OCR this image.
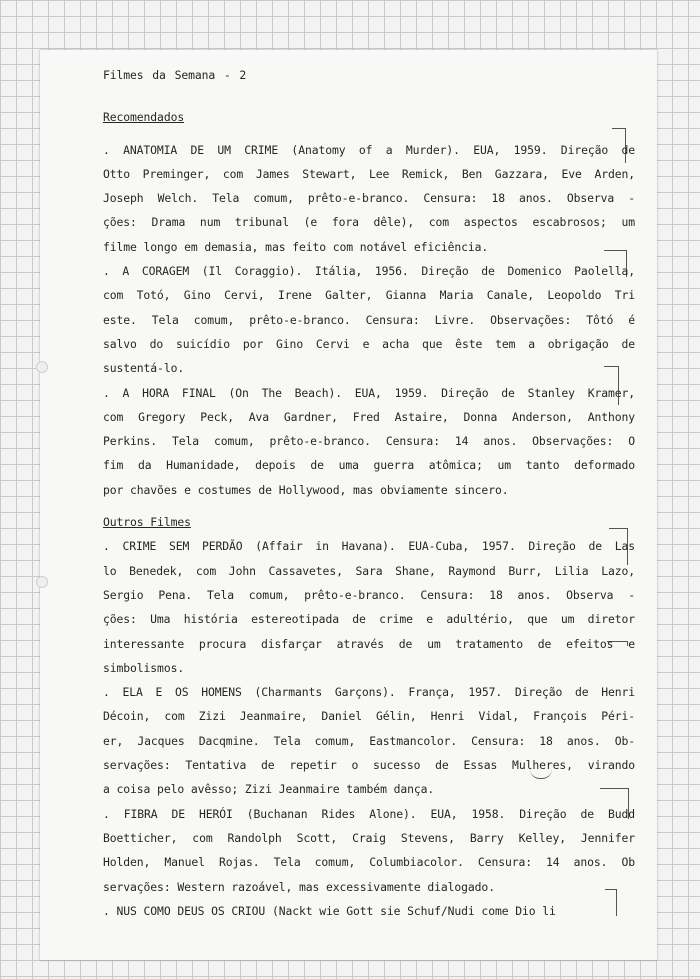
Filmes da Semana - 2
Recomendados
. ANATOMIA DE UM CRIME (Anatomy of a Murder). EUA, 1959. Direção de
Otto Preminger, com James Stewart, Lee Remick, Ben Gazzara, Eve Arden,
Joseph Welch. Tela comum, prêto-e-branco. Censura: 18 anos. Observa -
ções: Drama num tribunal (e fora dêle), com aspectos escabrosos; um
filme longo em demasia, mas feito com notável eficiência.
. A CORAGEM (Il Coraggio). Itália, 1956. Direção de Domenico Paolella,
com Totó, Gino Cervi, Irene Galter, Gianna Maria Canale, Leopoldo Tri
este. Tela comum, prêto-e-branco. Censura: Livre. Observações: Tôtó é
salvo do suicídio por Gino Cervi e acha que êste tem a obrigação de
sustentá-lo.
. A HORA FINAL (On The Beach). EUA, 1959. Direção de Stanley Kramer,
com Gregory Peck, Ava Gardner, Fred Astaire, Donna Anderson, Anthony
Perkins. Tela comum, prêto-e-branco. Censura: 14 anos. Observações: O
fim da Humanidade, depois de uma guerra atômica; um tanto deformado
por chavões e costumes de Hollywood, mas obviamente sincero.
Outros Filmes
. CRIME SEM PERDÃO (Affair in Havana). EUA-Cuba, 1957. Direção de Las
lo Benedek, com John Cassavetes, Sara Shane, Raymond Burr, Lilia Lazo,
Sergio Pena. Tela comum, prêto-e-branco. Censura: 18 anos. Observa -
ções: Uma história estereotipada de crime e adultério, que um diretor
interessante procura disfarçar através de um tratamento de efeitos e
simbolismos.
. ELA E OS HOMENS (Charmants Garçons). França, 1957. Direção de Henri
Décoin, com Zizi Jeanmaire, Daniel Gélin, Henri Vidal, François Péri-
er, Jacques Dacqmine. Tela comum, Eastmancolor. Censura: 18 anos. Ob-
servações: Tentativa de repetir o sucesso de Essas Mulheres, virando
a coisa pelo avêsso; Zizi Jeanmaire também dança.
. FIBRA DE HERÓI (Buchanan Rides Alone). EUA, 1958. Direção de Budd
Boetticher, com Randolph Scott, Craig Stevens, Barry Kelley, Jennifer
Holden, Manuel Rojas. Tela comum, Columbiacolor. Censura: 14 anos. Ob
servações: Western razoável, mas excessivamente dialogado.
. NUS COMO DEUS OS CRIOU (Nackt wie Gott sie Schuf/Nudi come Dio li
